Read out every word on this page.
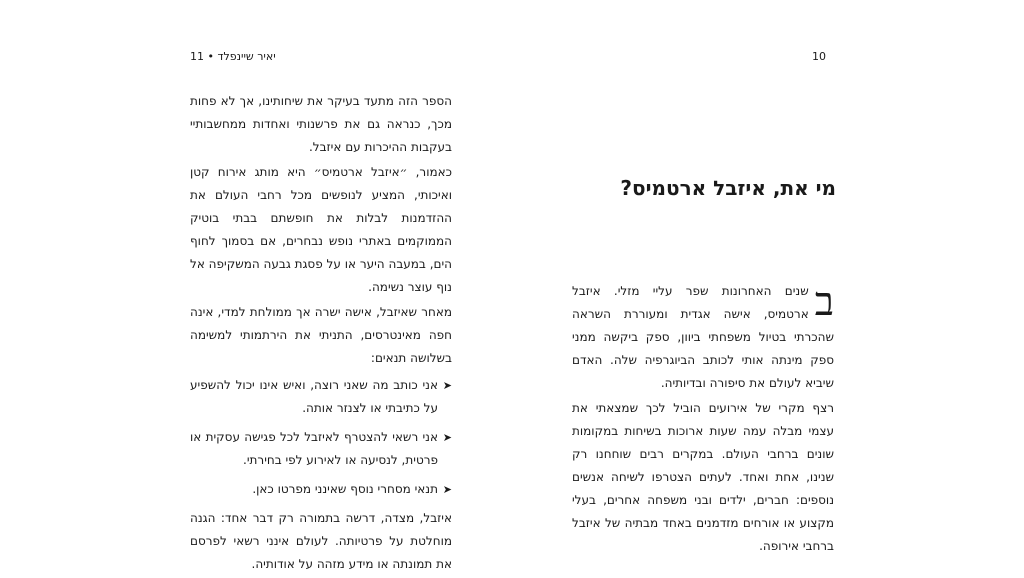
יאיר שיינפלד • 11

הספר הזה מתעד בעיקר את שיחותינו, אך לא פחות מכך, כנראה גם את פרשנותי ואחדות ממחשבותיי בעקבות ההיכרות עם איזבל.

כאמור, ״איזבל ארטמיס״ היא מותג אירוח קטן ואיכותי, המציע לנופשים מכל רחבי העולם את ההזדמנות לבלות את חופשתם בבתי בוטיק הממוקמים באתרי נופש נבחרים, אם בסמוך לחוף הים, במעבה היער או על פסגת גבעה המשקיפה אל נוף עוצר נשימה.

מאחר שאיזבל, אישה ישרה אך ממולחת למדי, אינה חפה מאינטרסים, התניתי את הירתמותי למשימה בשלושה תנאים:

➤
אני כותב מה שאני רוצה, ואיש אינו יכול להשפיע על כתיבתי או לצנזר אותה.
➤
אני רשאי להצטרף לאיזבל לכל פגישה עסקית או פרטית, לנסיעה או לאירוע לפי בחירתי.
➤
תנאי מסחרי נוסף שאינני מפרטו כאן.

איזבל, מצדה, דרשה בתמורה רק דבר אחד: הגנה מוחלטת על פרטיותה. לעולם אינני רשאי לפרסם את תמונתה או מידע מזהה על אודותיה.

10
מי את, איזבל ארטמיס?

ב
שנים האחרונות שפר עליי מזלי. איזבל ארטמיס, אישה אגדית ומעוררת השראה שהכרתי בטיול משפחתי ביוון, ספק ביקשה ממני ספק מינתה אותי לכותב הביוגרפיה שלה. האדם שיביא לעולם את סיפורה ובדיותיה.

רצף מקרי של אירועים הוביל לכך שמצאתי את עצמי מבלה עמה שעות ארוכות בשיחות במקומות שונים ברחבי העולם. במקרים רבים שוחחנו רק שנינו, אחת ואחד. לעתים הצטרפו לשיחה אנשים נוספים: חברים, ילדים ובני משפחה אחרים, בעלי מקצוע או אורחים מזדמנים באחד מבתיה של איזבל ברחבי אירופה.
